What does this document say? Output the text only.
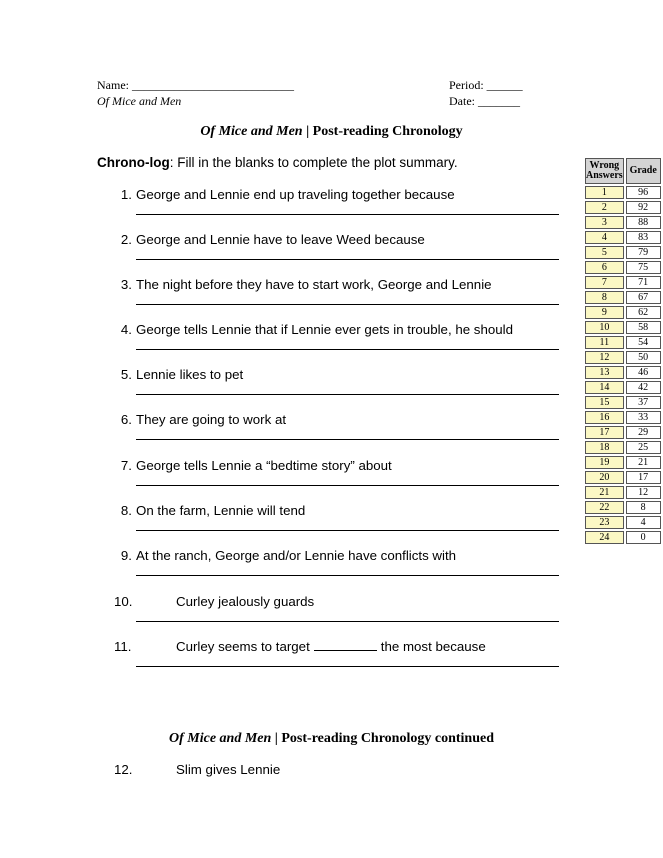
Name: ___________________________
Of Mice and Men
Period: ______
Date: _______
Of Mice and Men | Post-reading Chronology
Chrono-log: Fill in the blanks to complete the plot summary.
1. George and Lennie end up traveling together because
2. George and Lennie have to leave Weed because
3. The night before they have to start work, George and Lennie
4. George tells Lennie that if Lennie ever gets in trouble, he should
5. Lennie likes to pet
6. They are going to work at
7. George tells Lennie a “bedtime story” about
8. On the farm, Lennie will tend
9. At the ranch, George and/or Lennie have conflicts with
10.	Curley jealously guards
11.	Curley seems to target	the most because
Of Mice and Men | Post-reading Chronology continued
12.	Slim gives Lennie
Wrong Answers	Grade
1	96
2	92
3	88
4	83
5	79
6	75
7	71
8	67
9	62
10	58
11	54
12	50
13	46
14	42
15	37
16	33
17	29
18	25
19	21
20	17
21	12
22	8
23	4
24	0
